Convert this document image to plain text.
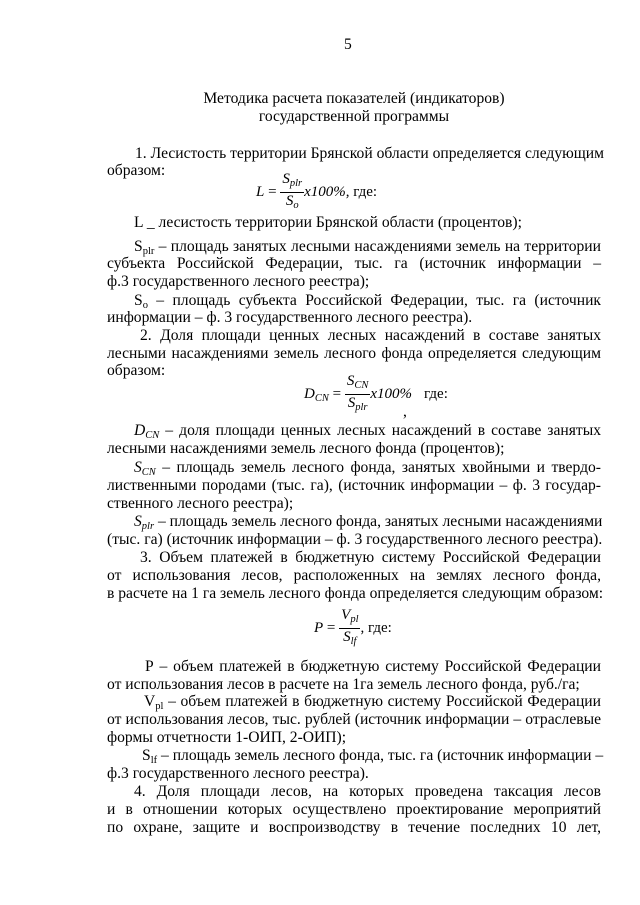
5
Методика расчета показателей (индикаторов)
государственной программы
1. Лесистость территории Брянской области определяется следующим
образом:
$L = \frac{S_{plr}}{S_o} x100\%$, где:
L _ лесистость территории Брянской области (процентов);
$S_{plr}$ – площадь занятых лесными насаждениями земель на территории
субъекта Российской Федерации, тыс. га (источник информации –
ф.3 государственного лесного реестра);
$S_o$ – площадь субъекта Российской Федерации, тыс. га (источник
информации – ф. 3 государственного лесного реестра).
2. Доля площади ценных лесных насаждений в составе занятых
лесными насаждениями земель лесного фонда определяется следующим
образом:
$D_{CN} = \frac{S_{CN}}{S_{plr}} x100\%$ где:
,
DCN – доля площади ценных лесных насаждений в составе занятых
лесными насаждениями земель лесного фонда (процентов);
SCN – площадь земель лесного фонда, занятых хвойными и твердо-
лиственными породами (тыс. га), (источник информации – ф. 3 государ-
ственного лесного реестра);
Splr – площадь земель лесного фонда, занятых лесными насаждениями
(тыс. га) (источник информации – ф. 3 государственного лесного реестра).
3. Объем платежей в бюджетную систему Российской Федерации
от использования лесов, расположенных на землях лесного фонда,
в расчете на 1 га земель лесного фонда определяется следующим образом:
$P = \frac{V_{pl}}{S_{lf}}$ , где:
Р – объем платежей в бюджетную систему Российской Федерации
от использования лесов в расчете на 1га земель лесного фонда, руб./га;
$V_{pl}$ – объем платежей в бюджетную систему Российской Федерации
от использования лесов, тыс. рублей (источник информации – отраслевые
формы отчетности 1-ОИП, 2-ОИП);
$S_{lf}$ – площадь земель лесного фонда, тыс. га (источник информации –
ф.3 государственного лесного реестра).
4. Доля площади лесов, на которых проведена таксация лесов
и в отношении которых осуществлено проектирование мероприятий
по охране, защите и воспроизводству в течение последних 10 лет,
